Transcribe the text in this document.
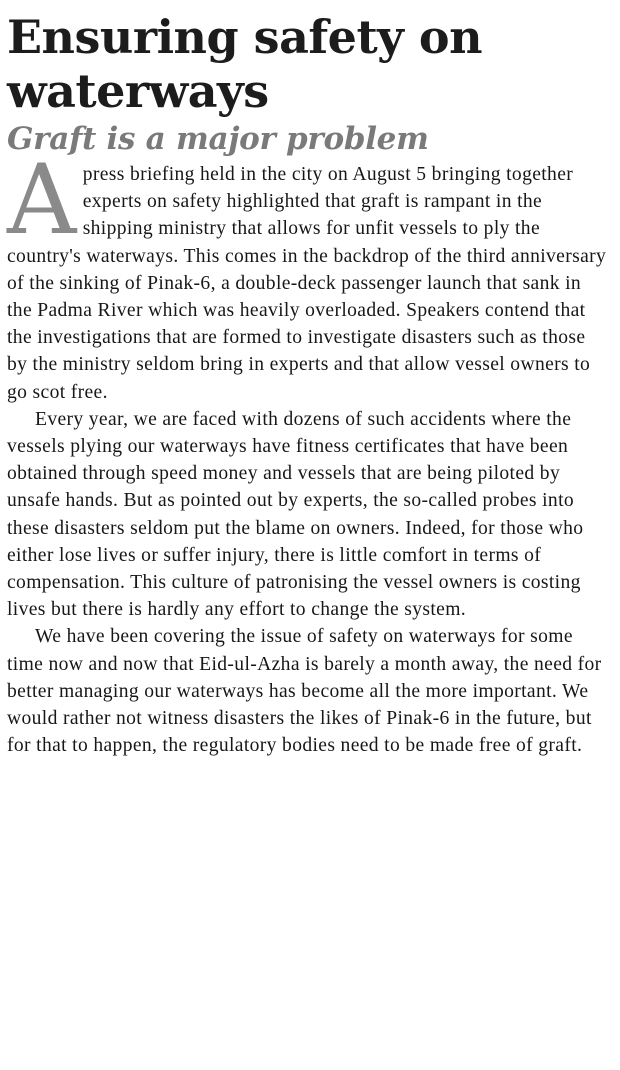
Ensuring safety on waterways
Graft is a major problem

A press briefing held in the city on August 5 bringing together experts on safety highlighted that graft is rampant in the shipping ministry that allows for unfit vessels to ply the country's waterways. This comes in the backdrop of the third anniversary of the sinking of Pinak-6, a double-deck passenger launch that sank in the Padma River which was heavily overloaded. Speakers contend that the investigations that are formed to investigate disasters such as those by the ministry seldom bring in experts and that allow vessel owners to go scot free.

Every year, we are faced with dozens of such accidents where the vessels plying our waterways have fitness certificates that have been obtained through speed money and vessels that are being piloted by unsafe hands. But as pointed out by experts, the so-called probes into these disasters seldom put the blame on owners. Indeed, for those who either lose lives or suffer injury, there is little comfort in terms of compensation. This culture of patronising the vessel owners is costing lives but there is hardly any effort to change the system.

We have been covering the issue of safety on waterways for some time now and now that Eid-ul-Azha is barely a month away, the need for better managing our waterways has become all the more important. We would rather not witness disasters the likes of Pinak-6 in the future, but for that to happen, the regulatory bodies need to be made free of graft.
